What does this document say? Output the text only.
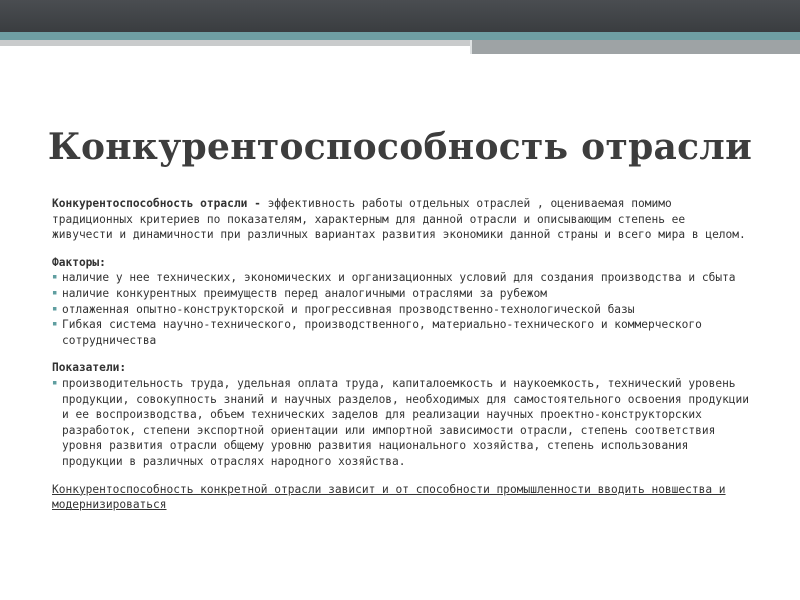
Конкурентоспособность отрасли

Конкурентоспособность отрасли - эффективность работы отдельных отраслей , оцениваемая помимо традиционных критериев по показателям, характерным для данной отрасли и описывающим степень ее живучести и динамичности при различных вариантах развития экономики данной страны и всего мира в целом.

Факторы:

▪ наличие у нее технических, экономических и организационных условий для создания производства и сбыта
▪ наличие конкурентных преимуществ перед аналогичными отраслями за рубежом
▪ отлаженная опытно-конструкторской и прогрессивная прозводственно-технологической базы
▪ Гибкая система научно-технического, производственного, материально-технического и коммерческого сотрудничества

Показатели:

▪ производительность труда, удельная оплата труда, капиталоемкость и наукоемкость, технический уровень продукции, совокупность знаний и научных разделов, необходимых для самостоятельного освоения продукции и ее воспроизводства, объем технических заделов для реализации научных проектно-конструкторских разработок, степени экспортной ориентации или импортной зависимости отрасли, степень соответствия уровня развития отрасли общему уровню развития национального хозяйства, степень использования продукции в различных отраслях народного хозяйства.

Конкурентоспособность конкретной отрасли зависит и от способности промышленности вводить новшества и модернизироваться
